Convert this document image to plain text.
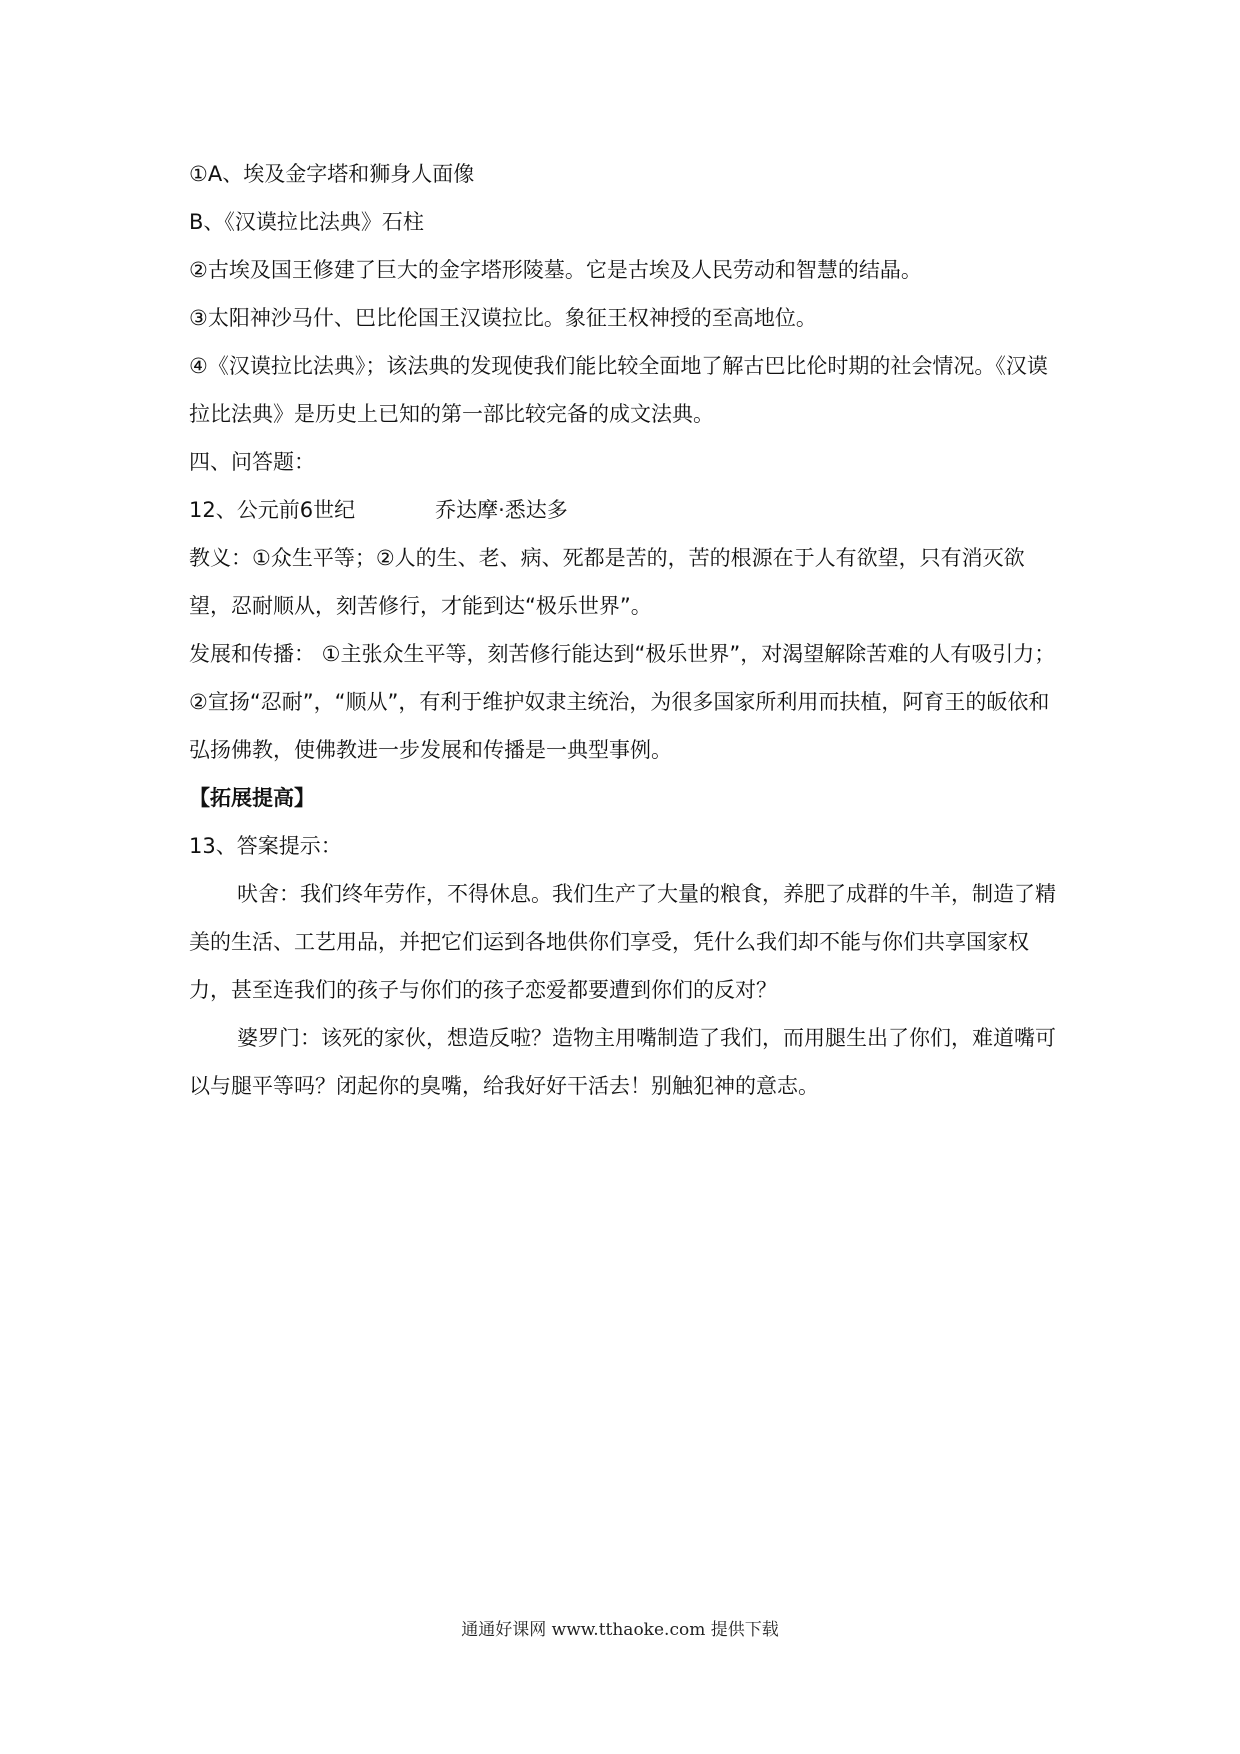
①A、埃及金字塔和狮身人面像

B、《汉谟拉比法典》石柱

②古埃及国王修建了巨大的金字塔形陵墓。它是古埃及人民劳动和智慧的结晶。

③太阳神沙马什、巴比伦国王汉谟拉比。象征王权神授的至高地位。

④《汉谟拉比法典》；该法典的发现使我们能比较全面地了解古巴比伦时期的社会情况。《汉谟拉比法典》是历史上已知的第一部比较完备的成文法典。

四、问答题：

12、公元前6世纪	乔达摩·悉达多

教义：①众生平等；②人的生、老、病、死都是苦的，苦的根源在于人有欲望，只有消灭欲望，忍耐顺从，刻苦修行，才能到达“极乐世界”。

发展和传播： ①主张众生平等，刻苦修行能达到“极乐世界”，对渴望解除苦难的人有吸引力；②宣扬“忍耐”，“顺从”，有利于维护奴隶主统治，为很多国家所利用而扶植，阿育王的皈依和弘扬佛教，使佛教进一步发展和传播是一典型事例。

【拓展提高】

13、答案提示：

吠舍：我们终年劳作，不得休息。我们生产了大量的粮食，养肥了成群的牛羊，制造了精美的生活、工艺用品，并把它们运到各地供你们享受，凭什么我们却不能与你们共享国家权力，甚至连我们的孩子与你们的孩子恋爱都要遭到你们的反对？

婆罗门：该死的家伙，想造反啦？造物主用嘴制造了我们，而用腿生出了你们，难道嘴可以与腿平等吗？闭起你的臭嘴，给我好好干活去！别触犯神的意志。

通通好课网 www.tthaoke.com 提供下载
